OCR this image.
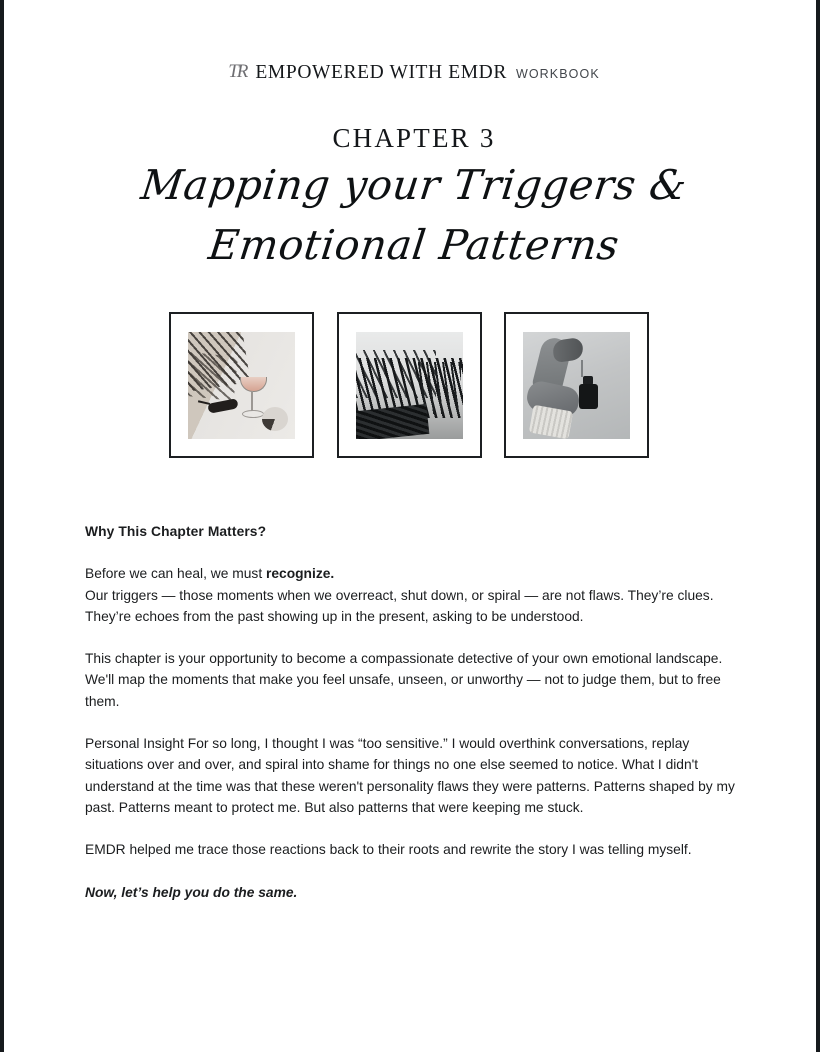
TR EMPOWERED WITH EMDR WORKBOOK
CHAPTER 3
Mapping your Triggers &
Emotional Patterns
Why This Chapter Matters?

Before we can heal, we must recognize.

Our triggers — those moments when we overreact, shut down, or spiral — are not flaws. They’re clues. They’re echoes from the past showing up in the present, asking to be understood.

This chapter is your opportunity to become a compassionate detective of your own emotional landscape. We'll map the moments that make you feel unsafe, unseen, or unworthy — not to judge them, but to free them.

Personal Insight For so long, I thought I was “too sensitive.” I would overthink conversations, replay situations over and over, and spiral into shame for things no one else seemed to notice. What I didn't understand at the time was that these weren't personality flaws they were patterns. Patterns shaped by my past. Patterns meant to protect me. But also patterns that were keeping me stuck.

EMDR helped me trace those reactions back to their roots and rewrite the story I was telling myself.

Now, let’s help you do the same.
